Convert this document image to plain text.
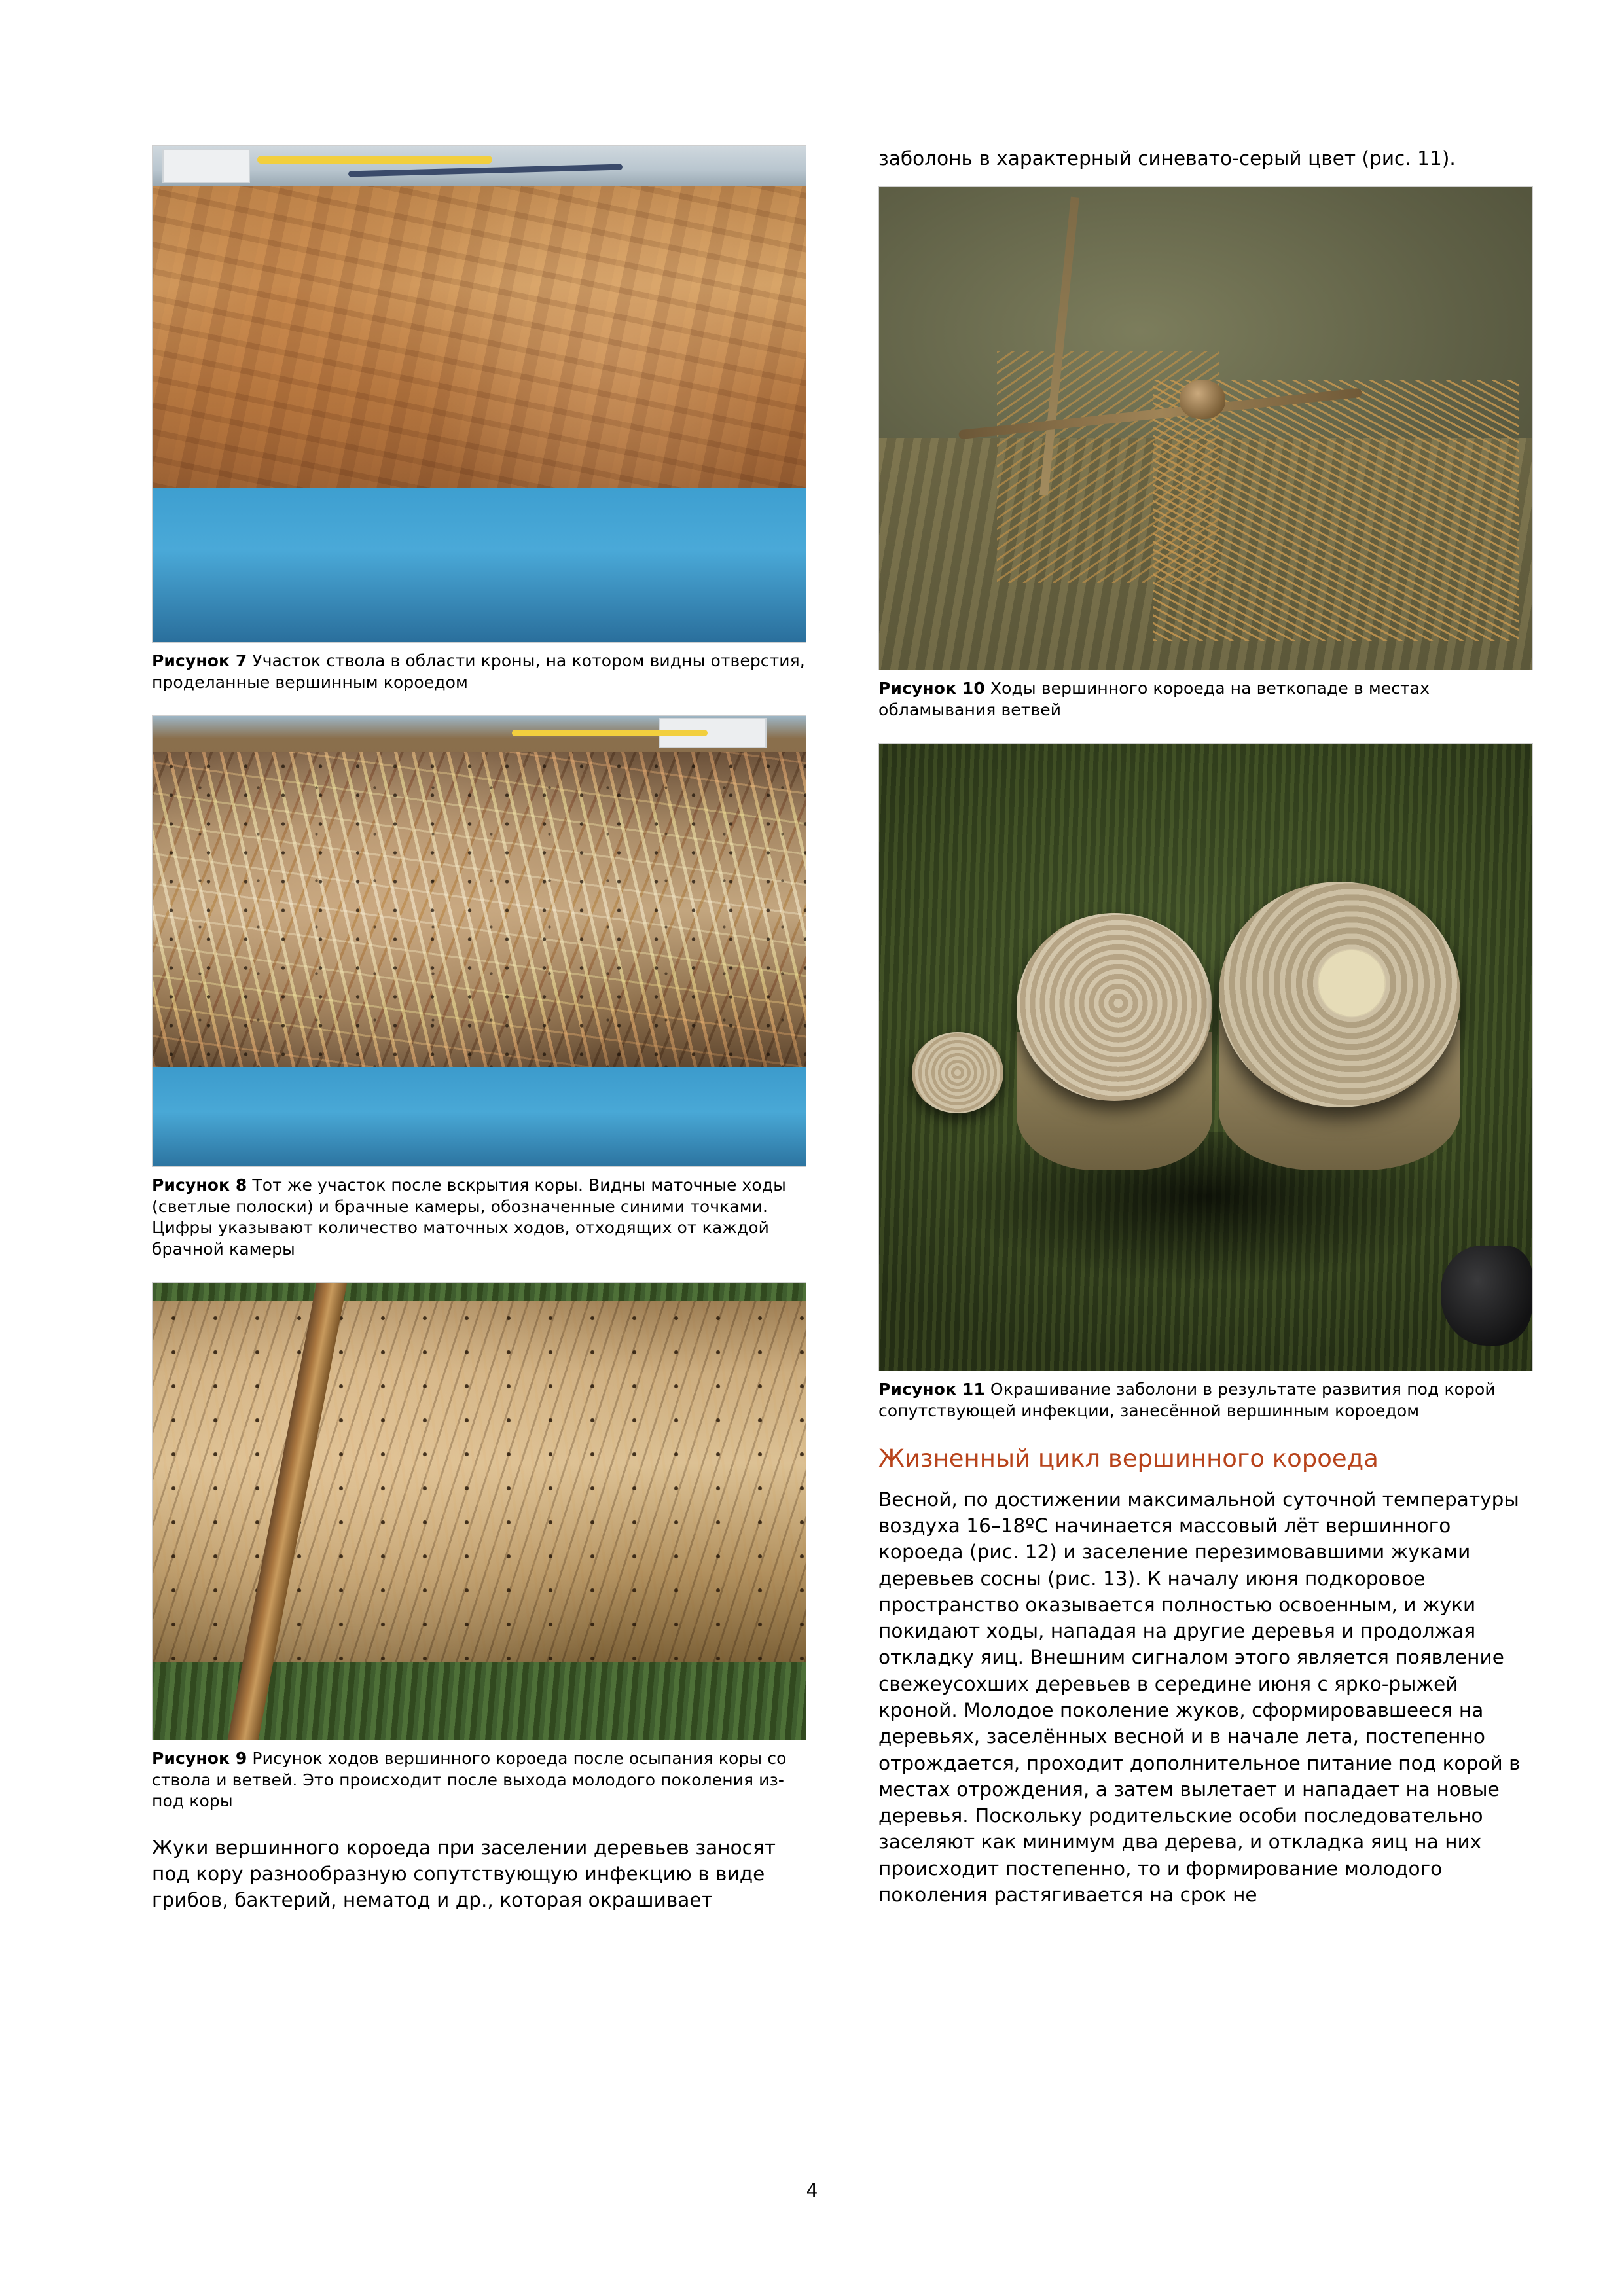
Рисунок 7 Участок ствола в области кроны, на котором видны отверстия, проделанные вершинным короедом
Рисунок 8 Тот же участок после вскрытия коры. Видны маточные ходы (светлые полоски) и брачные камеры, обозначенные синими точками. Цифры указывают количество маточных ходов, отходящих от каждой брачной камеры
Рисунок 9 Рисунок ходов вершинного короеда после осыпания коры со ствола и ветвей. Это происходит после выхода молодого поколения из-под коры

Жуки вершинного короеда при заселении деревьев заносят под кору разнообразную сопутствующую инфекцию в виде грибов, бактерий, нематод и др., которая окрашивает

заболонь в характерный синевато-серый цвет (рис. 11).

Рисунок 10 Ходы вершинного короеда на веткопаде в местах обламывания ветвей
Рисунок 11 Окрашивание заболони в результате развития под корой сопутствующей инфекции, занесённой вершинным короедом
Жизненный цикл вершинного короеда

Весной, по достижении максимальной суточной температуры воздуха 16–18ºС начинается массовый лёт вершинного короеда (рис. 12) и заселение перезимовавшими жуками деревьев сосны (рис. 13). К началу июня подкоровое пространство оказывается полностью освоенным, и жуки покидают ходы, нападая на другие деревья и продолжая откладку яиц. Внешним сигналом этого является появление свежеусохших деревьев в середине июня с ярко-рыжей кроной. Молодое поколение жуков, сформировавшееся на деревьях, заселённых весной и в начале лета, постепенно отрождается, проходит дополнительное питание под корой в местах отрождения, а затем вылетает и нападает на новые деревья. Поскольку родительские особи последовательно заселяют как минимум два дерева, и откладка яиц на них происходит постепенно, то и формирование молодого поколения растягивается на срок не

4
